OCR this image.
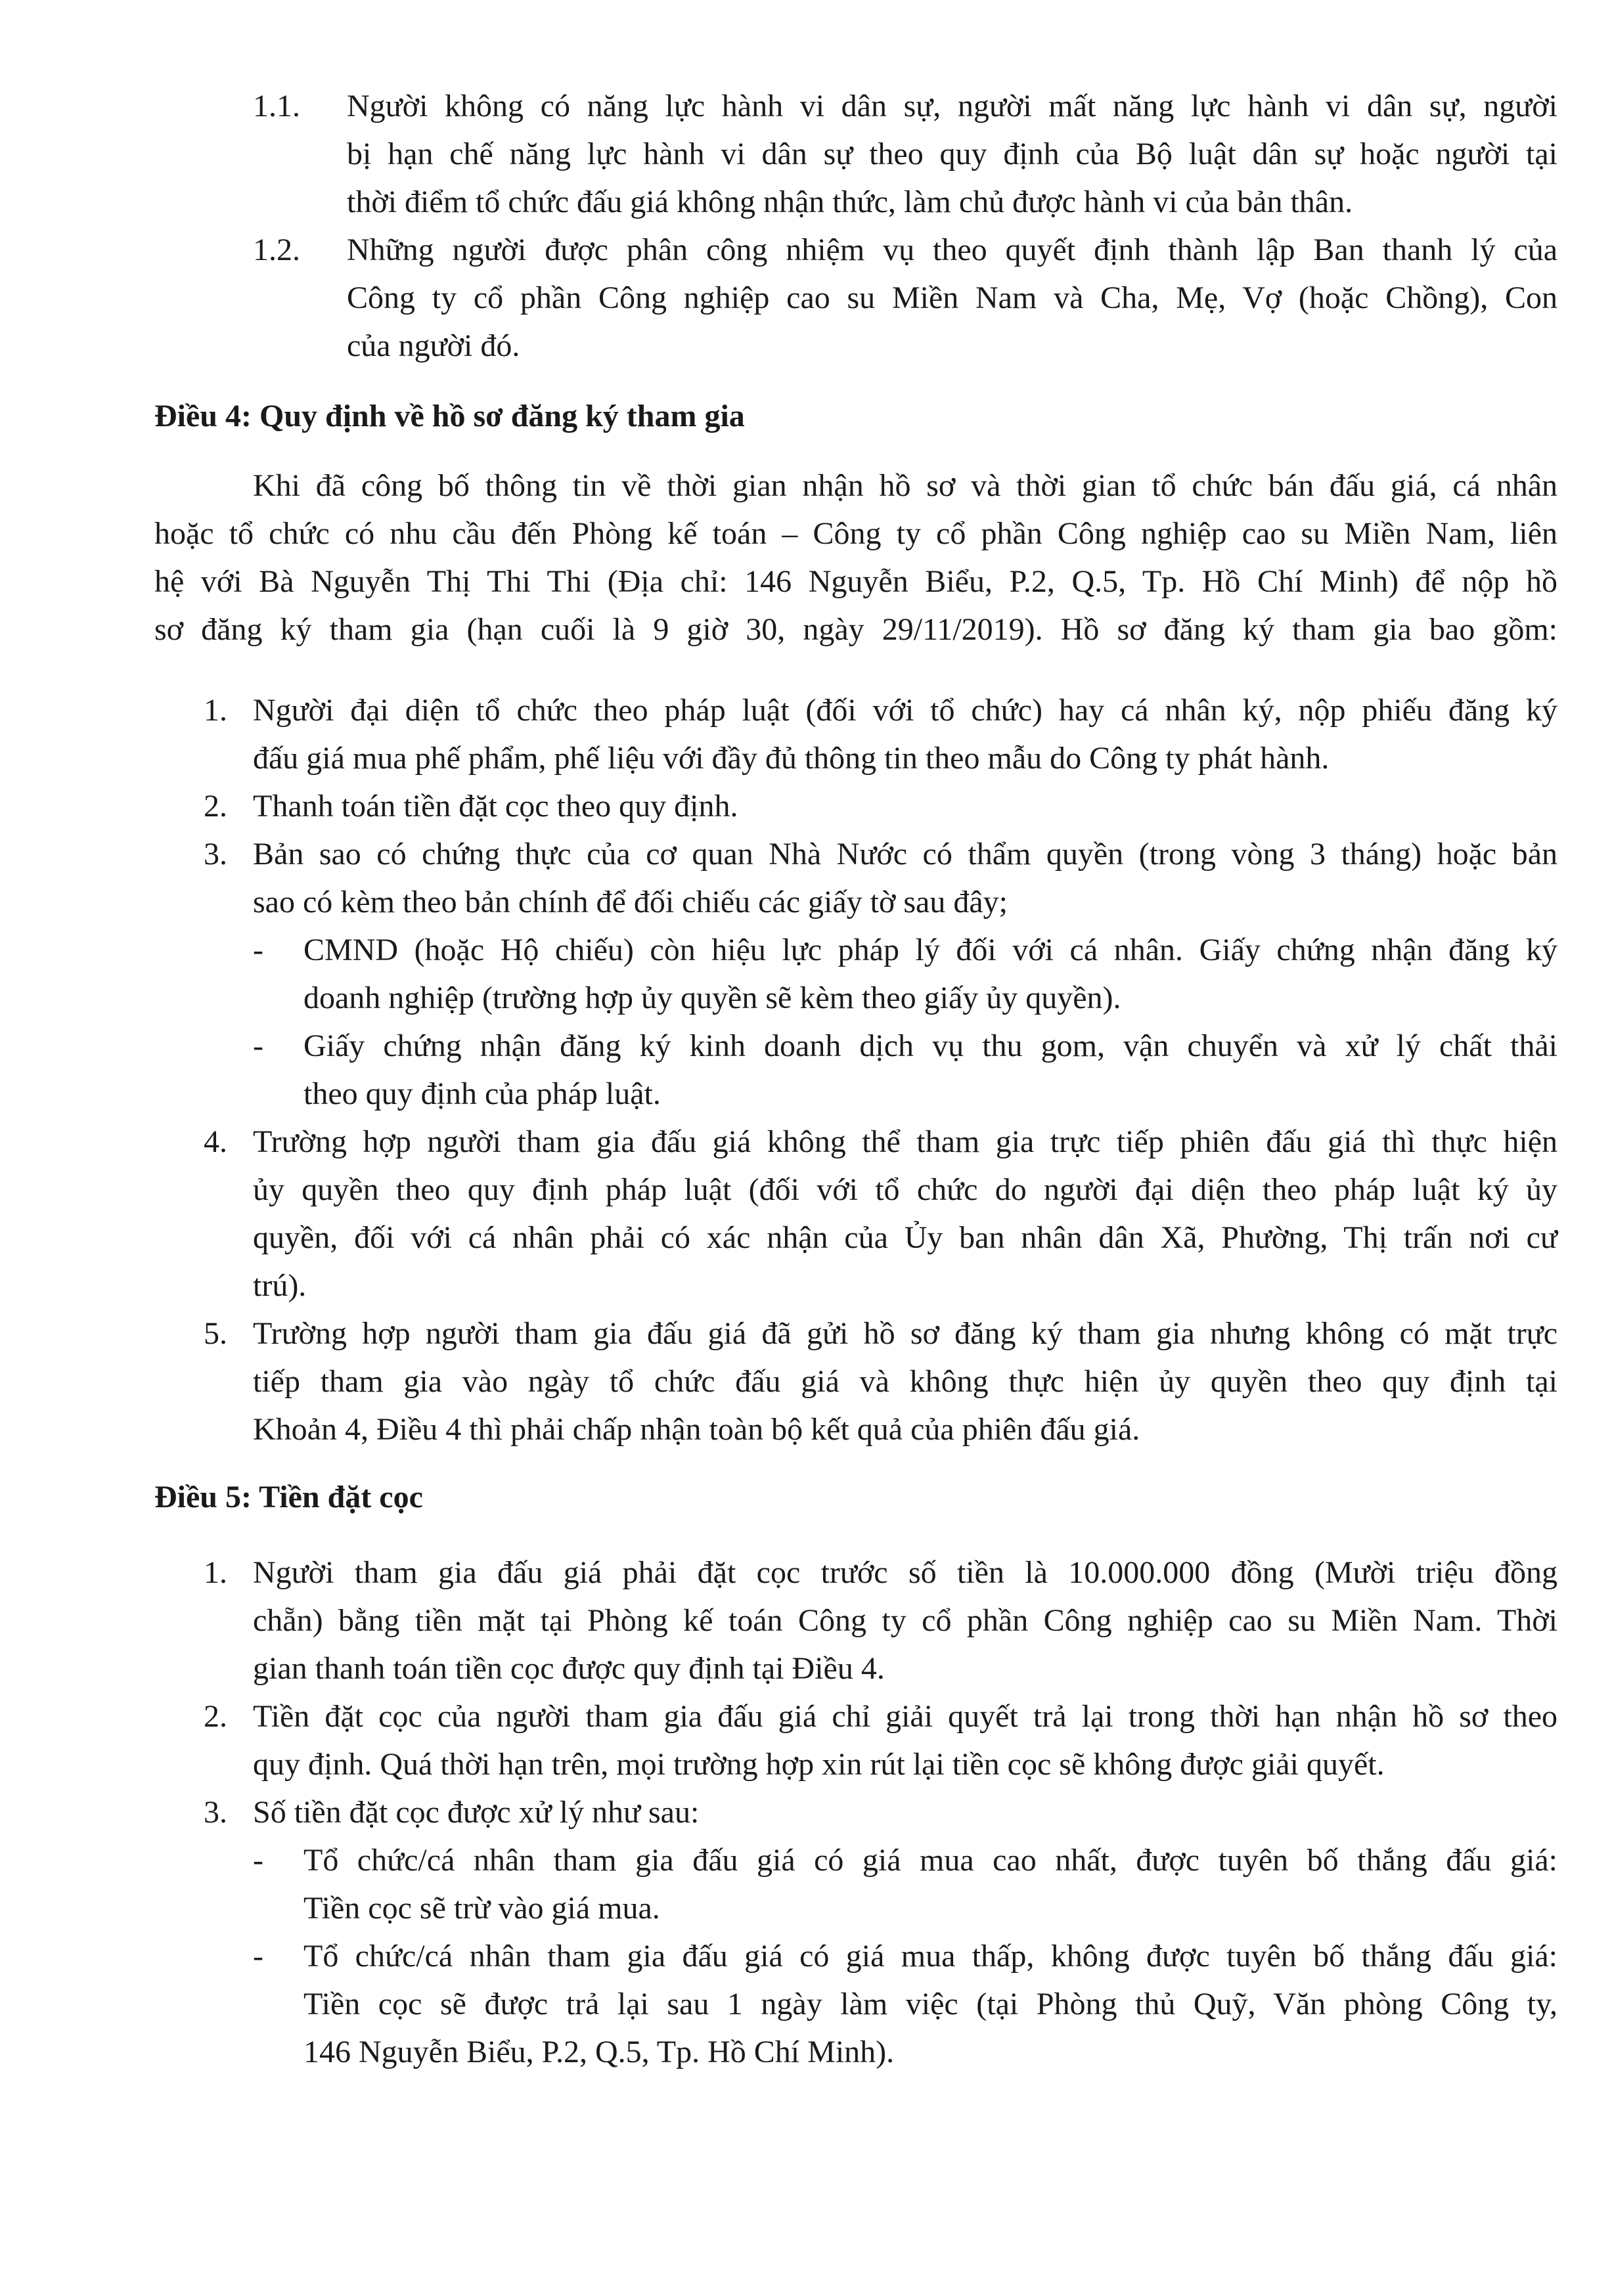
1.1. Người không có năng lực hành vi dân sự, người mất năng lực hành vi dân sự, người
bị hạn chế năng lực hành vi dân sự theo quy định của Bộ luật dân sự hoặc người tại
thời điểm tổ chức đấu giá không nhận thức, làm chủ được hành vi của bản thân.
1.2. Những người được phân công nhiệm vụ theo quyết định thành lập Ban thanh lý của
Công ty cổ phần Công nghiệp cao su Miền Nam và Cha, Mẹ, Vợ (hoặc Chồng), Con
của người đó.
Điều 4: Quy định về hồ sơ đăng ký tham gia
Khi đã công bố thông tin về thời gian nhận hồ sơ và thời gian tổ chức bán đấu giá, cá nhân
hoặc tổ chức có nhu cầu đến Phòng kế toán – Công ty cổ phần Công nghiệp cao su Miền Nam, liên
hệ với Bà Nguyễn Thị Thi Thi (Địa chỉ: 146 Nguyễn Biểu, P.2, Q.5, Tp. Hồ Chí Minh) để nộp hồ
sơ đăng ký tham gia (hạn cuối là 9 giờ 30, ngày 29/11/2019). Hồ sơ đăng ký tham gia bao gồm:
1. Người đại diện tổ chức theo pháp luật (đối với tổ chức) hay cá nhân ký, nộp phiếu đăng ký
đấu giá mua phế phẩm, phế liệu với đầy đủ thông tin theo mẫu do Công ty phát hành.
2. Thanh toán tiền đặt cọc theo quy định.
3. Bản sao có chứng thực của cơ quan Nhà Nước có thẩm quyền (trong vòng 3 tháng) hoặc bản
sao có kèm theo bản chính để đối chiếu các giấy tờ sau đây;
- CMND (hoặc Hộ chiếu) còn hiệu lực pháp lý đối với cá nhân. Giấy chứng nhận đăng ký
doanh nghiệp (trường hợp ủy quyền sẽ kèm theo giấy ủy quyền).
- Giấy chứng nhận đăng ký kinh doanh dịch vụ thu gom, vận chuyển và xử lý chất thải
theo quy định của pháp luật.
4. Trường hợp người tham gia đấu giá không thể tham gia trực tiếp phiên đấu giá thì thực hiện
ủy quyền theo quy định pháp luật (đối với tổ chức do người đại diện theo pháp luật ký ủy
quyền, đối với cá nhân phải có xác nhận của Ủy ban nhân dân Xã, Phường, Thị trấn nơi cư
trú).
5. Trường hợp người tham gia đấu giá đã gửi hồ sơ đăng ký tham gia nhưng không có mặt trực
tiếp tham gia vào ngày tổ chức đấu giá và không thực hiện ủy quyền theo quy định tại
Khoản 4, Điều 4 thì phải chấp nhận toàn bộ kết quả của phiên đấu giá.
Điều 5: Tiền đặt cọc
1. Người tham gia đấu giá phải đặt cọc trước số tiền là 10.000.000 đồng (Mười triệu đồng
chẵn) bằng tiền mặt tại Phòng kế toán Công ty cổ phần Công nghiệp cao su Miền Nam. Thời
gian thanh toán tiền cọc được quy định tại Điều 4.
2. Tiền đặt cọc của người tham gia đấu giá chỉ giải quyết trả lại trong thời hạn nhận hồ sơ theo
quy định. Quá thời hạn trên, mọi trường hợp xin rút lại tiền cọc sẽ không được giải quyết.
3. Số tiền đặt cọc được xử lý như sau:
- Tổ chức/cá nhân tham gia đấu giá có giá mua cao nhất, được tuyên bố thắng đấu giá:
Tiền cọc sẽ trừ vào giá mua.
- Tổ chức/cá nhân tham gia đấu giá có giá mua thấp, không được tuyên bố thắng đấu giá:
Tiền cọc sẽ được trả lại sau 1 ngày làm việc (tại Phòng thủ Quỹ, Văn phòng Công ty,
146 Nguyễn Biểu, P.2, Q.5, Tp. Hồ Chí Minh).
